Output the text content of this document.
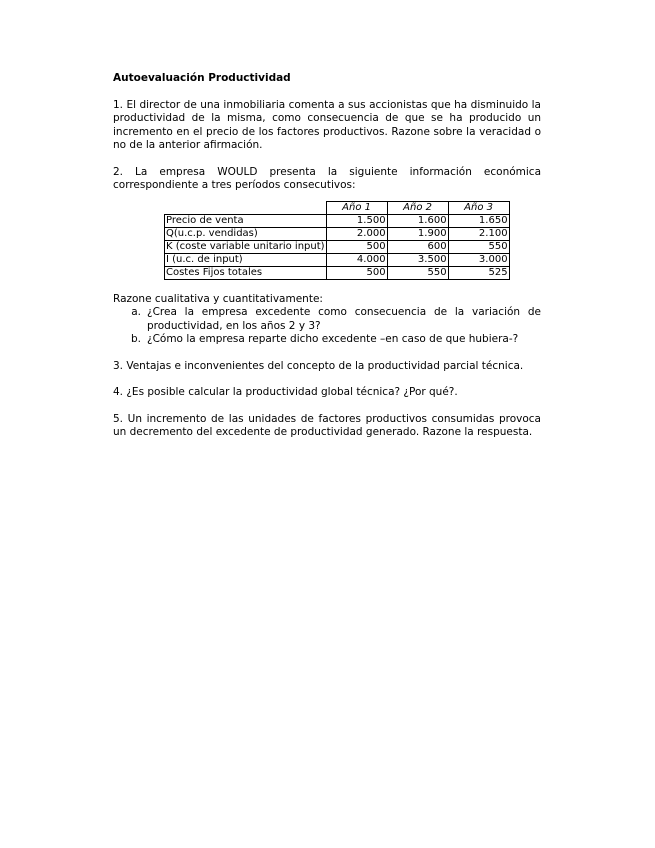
Autoevaluación Productividad

1. El director de una inmobiliaria comenta a sus accionistas que ha disminuido la productividad de la misma, como consecuencia de que se ha producido un incremento en el precio de los factores productivos. Razone sobre la veracidad o no de la anterior afirmación.

2. La empresa WOULD presenta la siguiente información económica correspondiente a tres períodos consecutivos:

	Año 1	Año 2	Año 3
Precio de venta	1.500	1.600	1.650
Q(u.c.p. vendidas)	2.000	1.900	2.100
K (coste variable unitario input)	500	600	550
I (u.c. de input)	4.000	3.500	3.000
Costes Fijos totales	500	550	525

Razone cualitativa y cuantitativamente:

a. ¿Crea la empresa excedente como consecuencia de la variación de productividad, en los años 2 y 3?
b. ¿Cómo la empresa reparte dicho excedente –en caso de que hubiera-?

3. Ventajas e inconvenientes del concepto de la productividad parcial técnica.

4. ¿Es posible calcular la productividad global técnica? ¿Por qué?.

5. Un incremento de las unidades de factores productivos consumidas provoca un decremento del excedente de productividad generado. Razone la respuesta.
